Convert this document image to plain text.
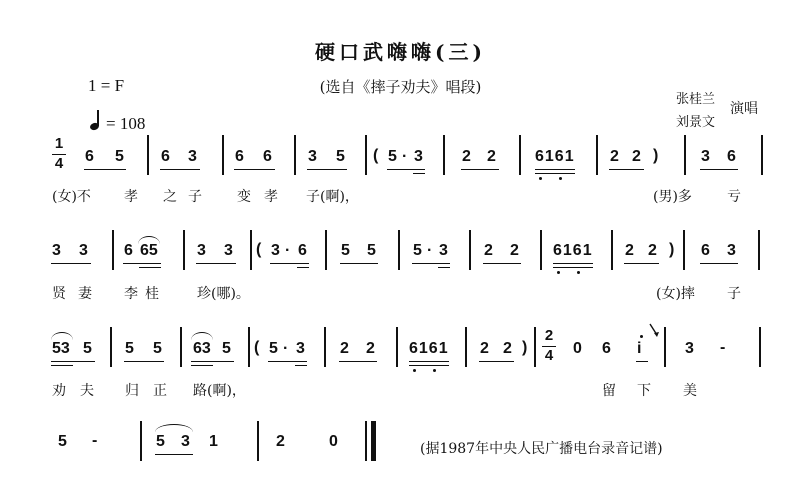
硬口武嗨嗨(三)
(选自《摔子劝夫》唱段)
1 = F
= 108
张桂兰
刘景文
演唱
1
4 6 5 6 3 6 6 3 5 ( 5 · 3 2 2 6161 2 2 )	3 6
(女)不 孝 之 子	变 孝 子(啊)，	(男)多	亏
3 3 6 65 3 3 ( 3 · 6 5 5 5 · 3 2 2 6161 2 2 ) 6 3
贤 妻 李 桂	珍(哪)。	(女)摔 子
53 5 5 5 63 5 ( 5 · 3 2 2 6161 2 2 )
2
4 0 6 i	3 -
劝 夫 归 正 路(啊)，	留 下 美
5 -	5 3 1	2	0	(据1987年中央人民广播电台录音记谱)
